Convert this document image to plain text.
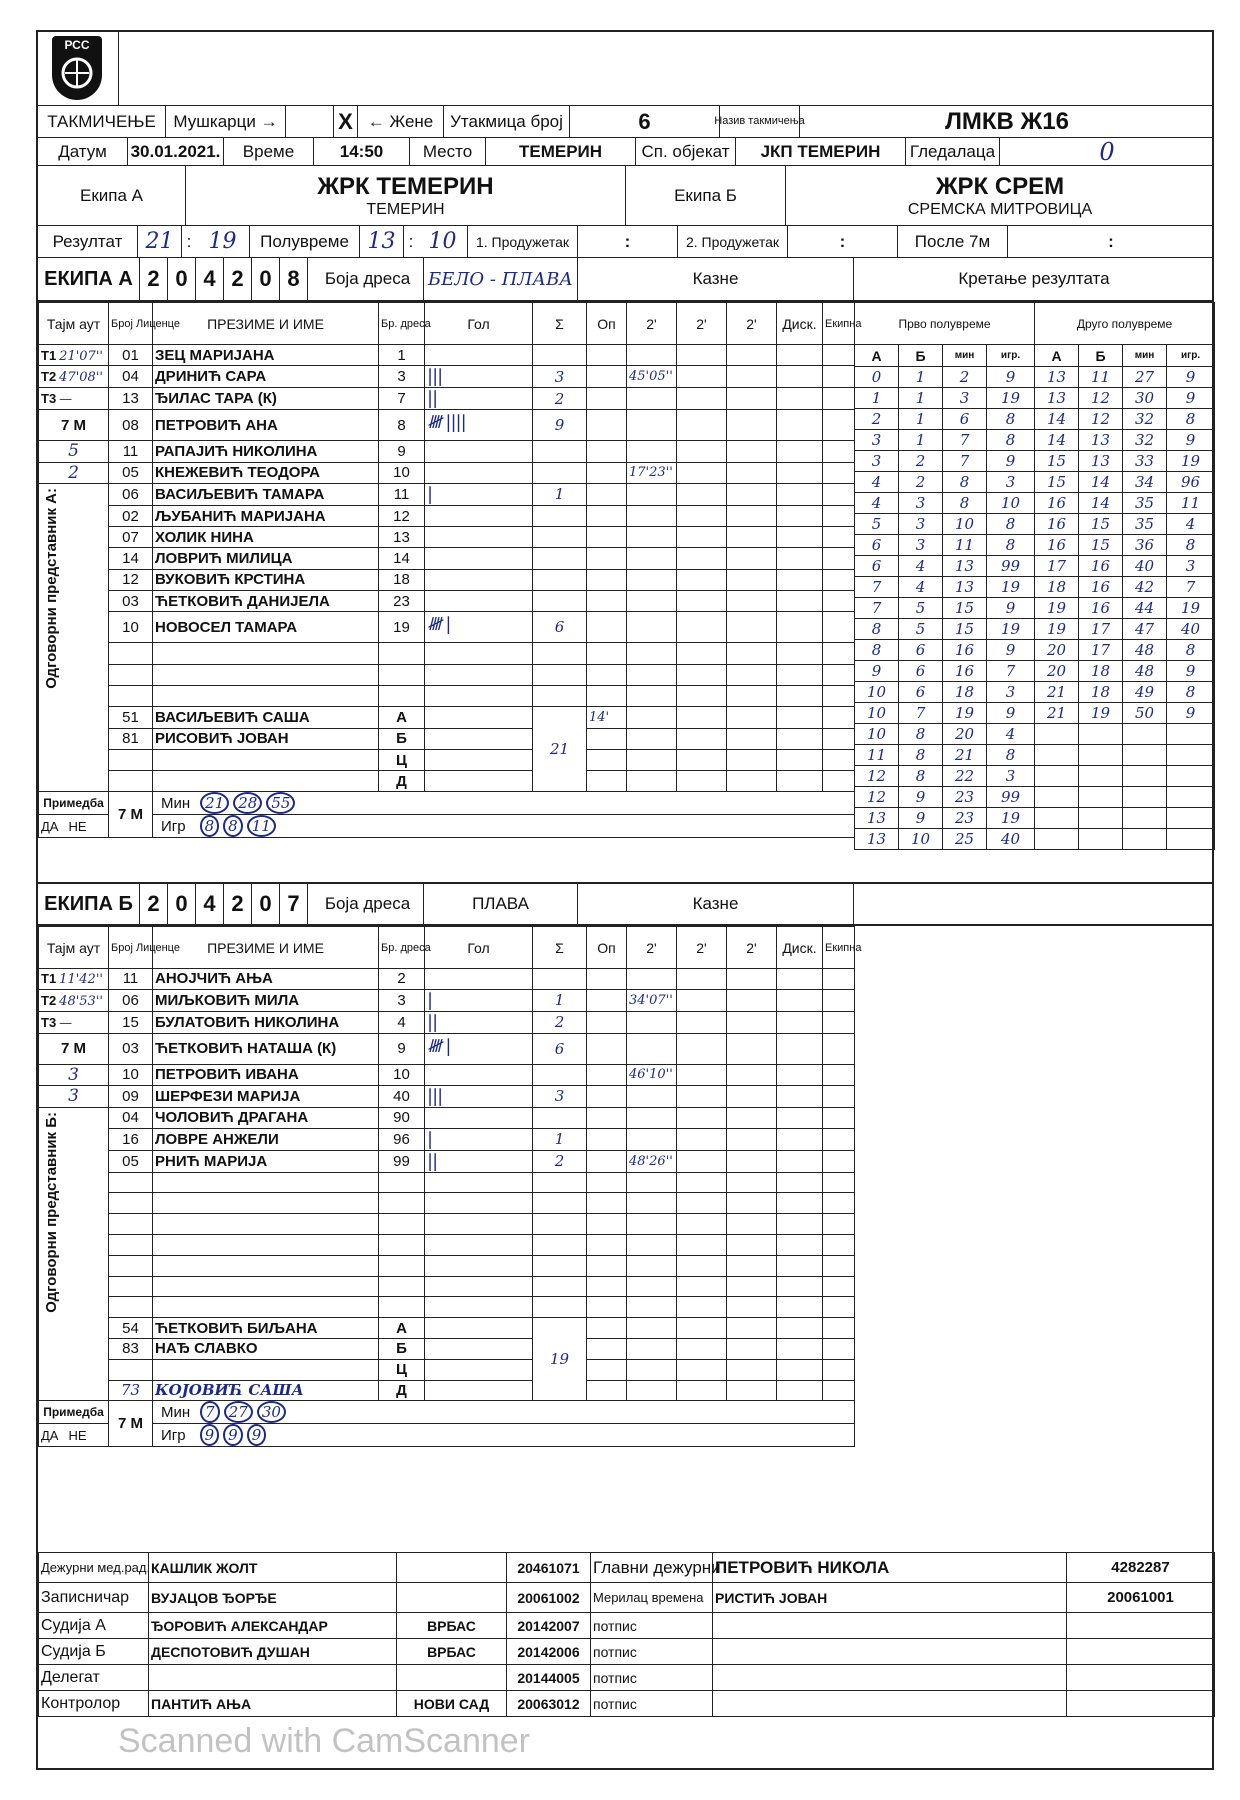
РСС
ТАКМИЧЕЊЕ	Мушкарци →	X ← Жене Утакмица број	6	Назив такмичења	ЛМКВ Ж16
Датум	30.01.2021.	Време	14:50	Место	ТЕМЕРИН	Сп. објекат	ЈКП ТЕМЕРИН	Гледалаца	0
Екипа А	ЖРК ТЕМЕРИН
ТЕМЕРИН
Екипа Б	ЖРК СРЕМ
СРЕМСКА МИТРОВИЦА
Резултат	21 : 19	Полувреме 13 : 10	1. Продужетак	:	2. Продужетак	:	После 7м	:
ЕКИПА А 2 0 4 2 0 8	Боја дреса БЕЛО - ПЛАВА	Казне	Кретање резултата
Тајм аут	Број Лиценце	ПРЕЗИМЕ И ИМЕ	Бр. дреса	Гол	Σ	Оп	2'	2'	2'	Диск.	Екипна
Т1 21'07''	01	ЗЕЦ МАРИЈАНА	1								
Т2 47'08''	04	ДРИНИЋ САРА	3	|||	3		45'05''				
Т3 —	13	ЂИЛАС ТАРА (К)	7	||	2						
7 М	08	ПЕТРОВИЋ АНА	8	𝍸 ||||	9						
5	11	РАПАЈИЋ НИКОЛИНА	9								
2	05	КНЕЖЕВИЋ ТЕОДОРА	10				17'23''				

Одговорни представник А:	06	ВАСИЉЕВИЋ ТАМАРА	11	|	1						
	02	ЉУБАНИЋ МАРИЈАНА	12								
	07	ХОЛИК НИНА	13								
	14	ЛОВРИЋ МИЛИЦА	14								
	12	ВУКОВИЋ КРСТИНА	18								
	03	ЋЕТКОВИЋ ДАНИЈЕЛА	23								
	10	НОВОСЕЛ ТАМАРА	19	𝍸 |	6						

	51	ВАСИЉЕВИЋ САША	А		21	14'					
	81	РИСОВИЋ ЈОВАН	Б								
			Ц								
			Д								
Примедба	7 М	Мин 21 28 55									
ДА НЕ		Игр 8 8 11									
Прво полувреме				Друго полувреме			
А	Б	мин	игр.	А	Б	мин	игр.
0	1	2	9	13	11	27	9
1	1	3	19	13	12	30	9
2	1	6	8	14	12	32	8
3	1	7	8	14	13	32	9
3	2	7	9	15	13	33	19
4	2	8	3	15	14	34	96
4	3	8	10	16	14	35	11
5	3	10	8	16	15	35	4
6	3	11	8	16	15	36	8
6	4	13	99	17	16	40	3
7	4	13	19	18	16	42	7
7	5	15	9	19	16	44	19
8	5	15	19	19	17	47	40
8	6	16	9	20	17	48	8
9	6	16	7	20	18	48	9
10	6	18	3	21	18	49	8
10	7	19	9	21	19	50	9
10	8	20	4				
11	8	21	8				
12	8	22	3				
12	9	23	99				
13	9	23	19				
13	10	25	40				
ЕКИПА Б 2 0 4 2 0 7	Боја дреса	ПЛАВА	Казне
Тајм аут	Број Лиценце	ПРЕЗИМЕ И ИМЕ	Бр. дреса	Гол	Σ	Оп	2'	2'	2'	Диск.	Екипна
Т1 11'42''	11	АНОЈЧИЋ АЊА	2								
Т2 48'53''	06	МИЉКОВИЋ МИЛА	3	|	1		34'07''				
Т3 —	15	БУЛАТОВИЋ НИКОЛИНА	4	||	2						
7 М	03	ЋЕТКОВИЋ НАТАША (К)	9	𝍸 |	6						
3	10	ПЕТРОВИЋ ИВАНА	10				46'10''				
3	09	ШЕРФЕЗИ МАРИЈА	40	|||	3						

Одговорни представник Б:	04	ЧОЛОВИЋ ДРАГАНА	90								
	16	ЛОВРЕ АНЖЕЛИ	96	|	1						
	05	РНИЋ МАРИЈА	99	||	2		48'26''				

	54	ЋЕТКОВИЋ БИЉАНА	А		19						
	83	НАЂ СЛАВКО	Б								
			Ц								
	73	КОЈОВИЋ САША	Д								
Примедба	7 М	Мин 7 27 30									
ДА НЕ		Игр 9 9 9									
Дежурни мед.рад.	КАШЛИК ЖОЛТ		20461071	Главни дежурни	ПЕТРОВИЋ НИКОЛА	4282287
Записничар	ВУЈАЦОВ ЂОРЂЕ		20061002	Мерилац времена	РИСТИЋ ЈОВАН	20061001
Судија А	ЂОРОВИЋ АЛЕКСАНДАР	ВРБАС	20142007	потпис		
Судија Б	ДЕСПОТОВИЋ ДУШАН	ВРБАС	20142006	потпис		
Делегат			20144005	потпис		
Контролор	ПАНТИЋ АЊА	НОВИ САД	20063012	потпис		
Scanned with CamScanner
